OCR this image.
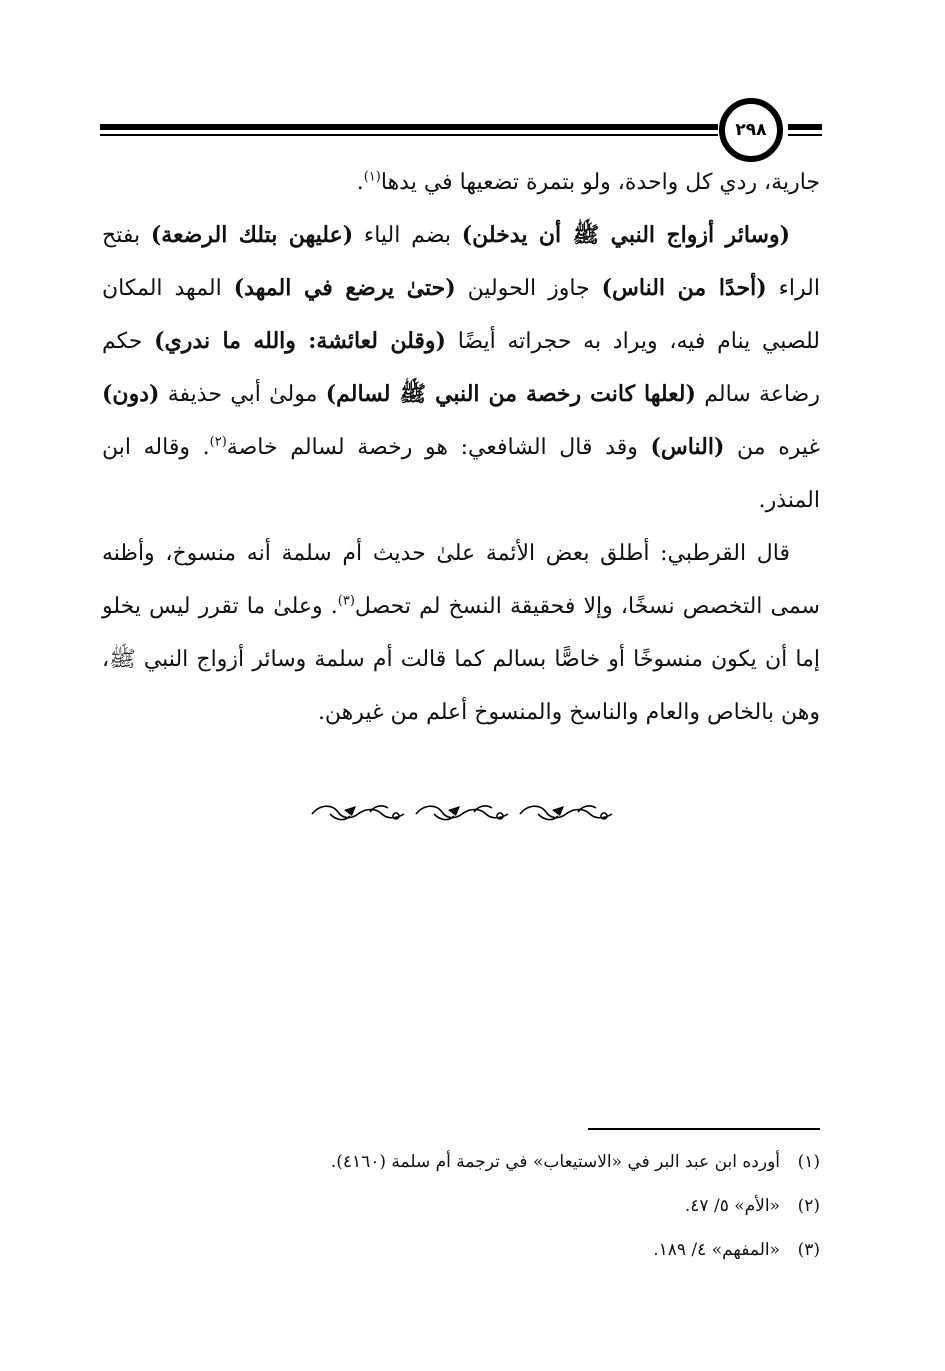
٢٩٨

جارية، ردي كل واحدة، ولو بتمرة تضعيها في يدها$^{(١)}$.

(وسائر أزواج النبي ﷺ أن يدخلن) بضم الياء (عليهن بتلك الرضعة) بفتح الراء (أحدًا من الناس) جاوز الحولين (حتىٰ يرضع في المهد) المهد المكان للصبي ينام فيه، ويراد به حجراته أيضًا (وقلن لعائشة: والله ما ندري) حكم رضاعة سالم (لعلها كانت رخصة من النبي ﷺ لسالم) مولىٰ أبي حذيفة (دون) غيره من (الناس) وقد قال الشافعي: هو رخصة لسالم خاصة$^{(٢)}$. وقاله ابن المنذر.

قال القرطبي: أطلق بعض الأئمة علىٰ حديث أم سلمة أنه منسوخ، وأظنه سمى التخصص نسخًا، وإلا فحقيقة النسخ لم تحصل$^{(٣)}$. وعلىٰ ما تقرر ليس يخلو إما أن يكون منسوخًا أو خاصًّا بسالم كما قالت أم سلمة وسائر أزواج النبي ﷺ، وهن بالخاص والعام والناسخ والمنسوخ أعلم من غيرهن.

(١)
أورده ابن عبد البر في «الاستيعاب» في ترجمة أم سلمة (٤١٦٠).
(٢)
«الأم» ٥/ ٤٧.
(٣)
«المفهم» ٤/ ١٨٩.
